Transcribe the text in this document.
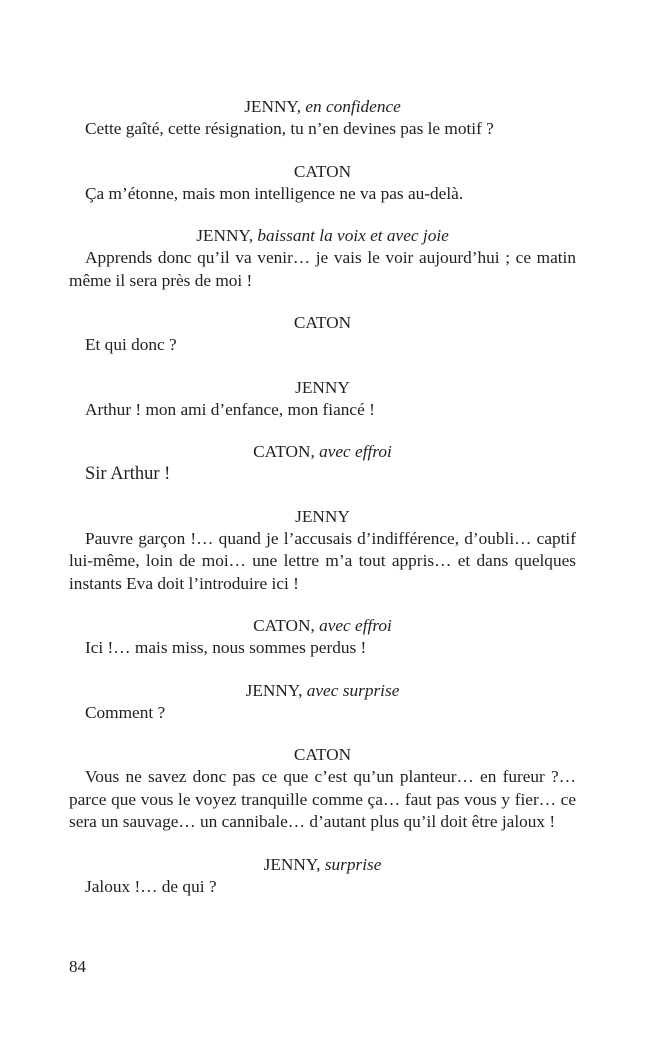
JENNY, en confidence
Cette gaîté, cette résignation, tu n’en devines pas le motif ?
CATON
Ça m’étonne, mais mon intelligence ne va pas au-delà.
JENNY, baissant la voix et avec joie
Apprends donc qu’il va venir… je vais le voir aujourd’hui ; ce matin même il sera près de moi !
CATON
Et qui donc ?
JENNY
Arthur ! mon ami d’enfance, mon fiancé !
CATON, avec effroi
Sir Arthur !
JENNY
Pauvre garçon !… quand je l’accusais d’indifférence, d’oubli… captif lui-même, loin de moi… une lettre m’a tout appris… et dans quelques instants Eva doit l’introduire ici !
CATON, avec effroi
Ici !… mais miss, nous sommes perdus !
JENNY, avec surprise
Comment ?
CATON
Vous ne savez donc pas ce que c’est qu’un planteur… en fureur ?… parce que vous le voyez tranquille comme ça… faut pas vous y fier… ce sera un sauvage… un cannibale… d’autant plus qu’il doit être jaloux !
JENNY, surprise
Jaloux !… de qui ?
84
